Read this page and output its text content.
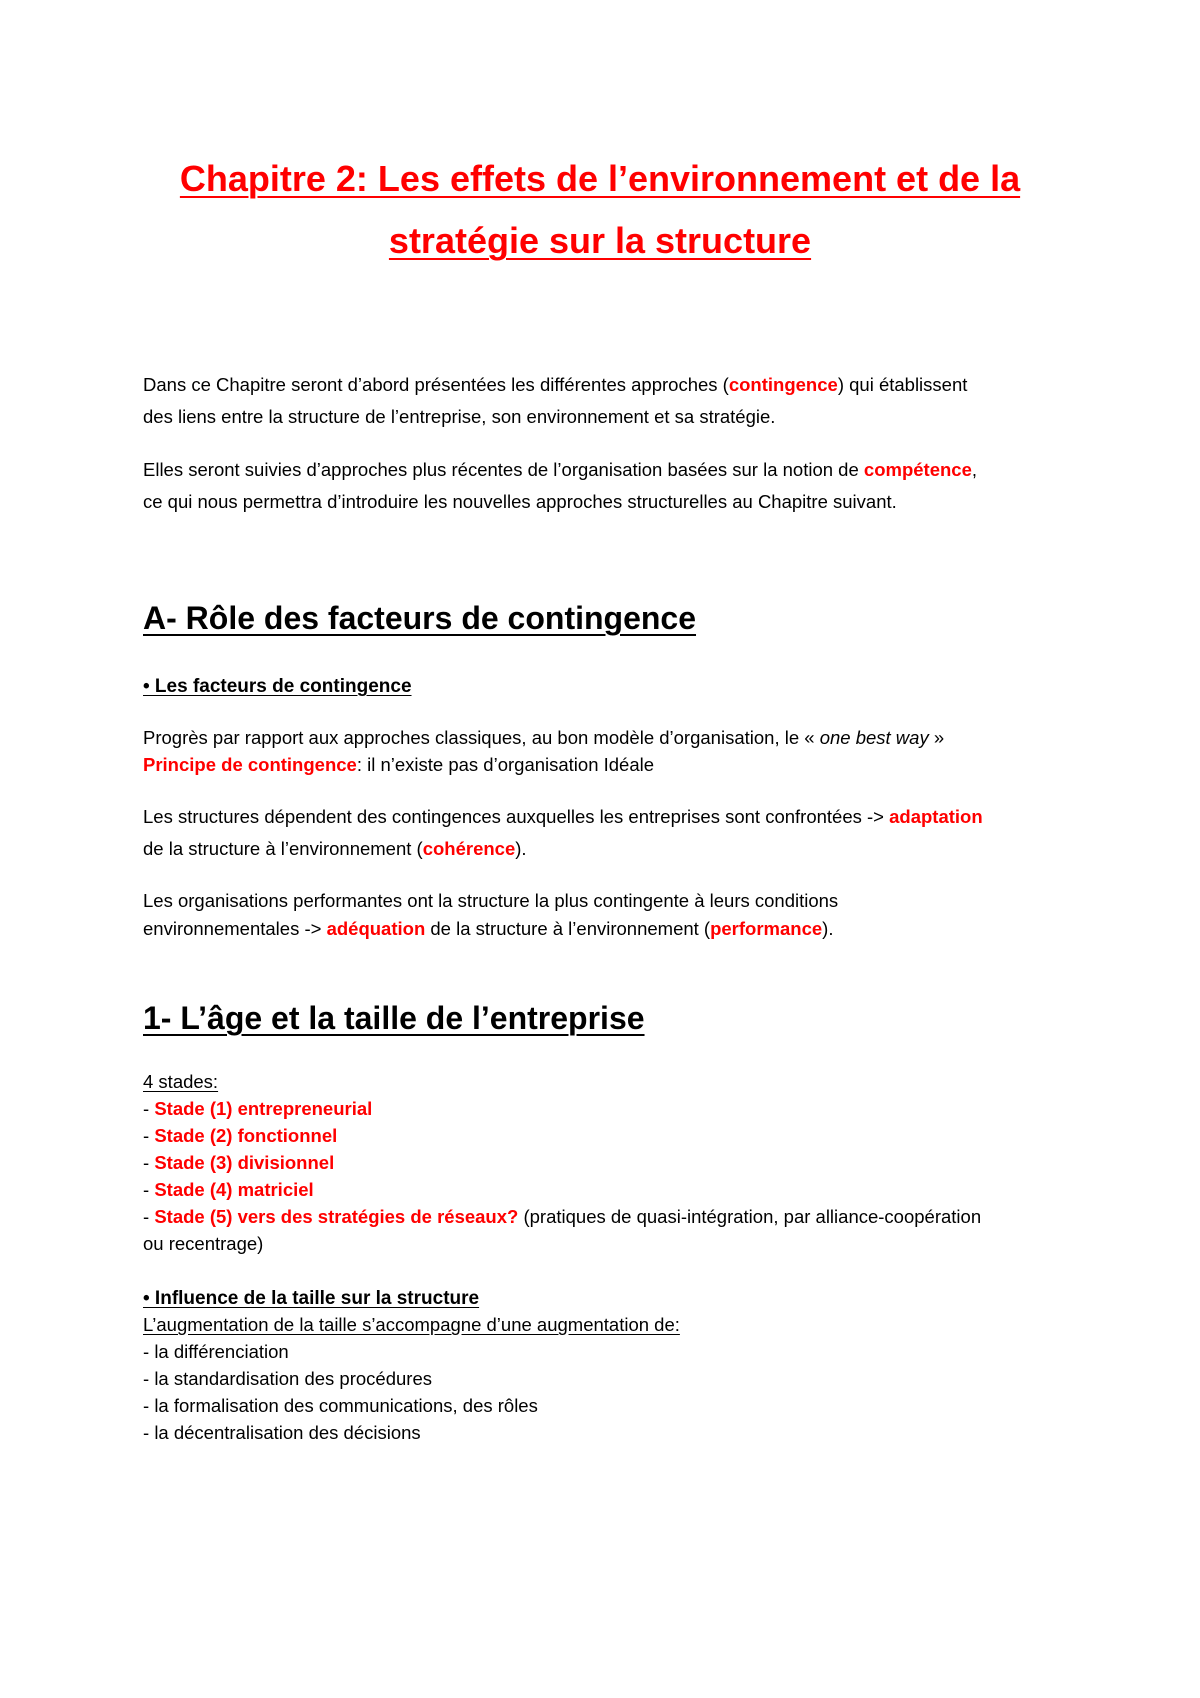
Chapitre 2: Les effets de l’environnement et de la
stratégie sur la structure
Dans ce Chapitre seront d’abord présentées les différentes approches (contingence) qui établissent
des liens entre la structure de l’entreprise, son environnement et sa stratégie.
Elles seront suivies d’approches plus récentes de l’organisation basées sur la notion de compétence,
ce qui nous permettra d’introduire les nouvelles approches structurelles au Chapitre suivant.
A- Rôle des facteurs de contingence
• Les facteurs de contingence
Progrès par rapport aux approches classiques, au bon modèle d’organisation, le « one best way »
Principe de contingence: il n’existe pas d’organisation Idéale
Les structures dépendent des contingences auxquelles les entreprises sont confrontées -> adaptation
de la structure à l’environnement (cohérence).
Les organisations performantes ont la structure la plus contingente à leurs conditions
environnementales -> adéquation de la structure à l’environnement (performance).
1- L’âge et la taille de l’entreprise
4 stades:
- Stade (1) entrepreneurial
- Stade (2) fonctionnel
- Stade (3) divisionnel
- Stade (4) matriciel
- Stade (5) vers des stratégies de réseaux? (pratiques de quasi-intégration, par alliance-coopération
ou recentrage)
• Influence de la taille sur la structure
L’augmentation de la taille s’accompagne d’une augmentation de:
- la différenciation
- la standardisation des procédures
- la formalisation des communications, des rôles
- la décentralisation des décisions
